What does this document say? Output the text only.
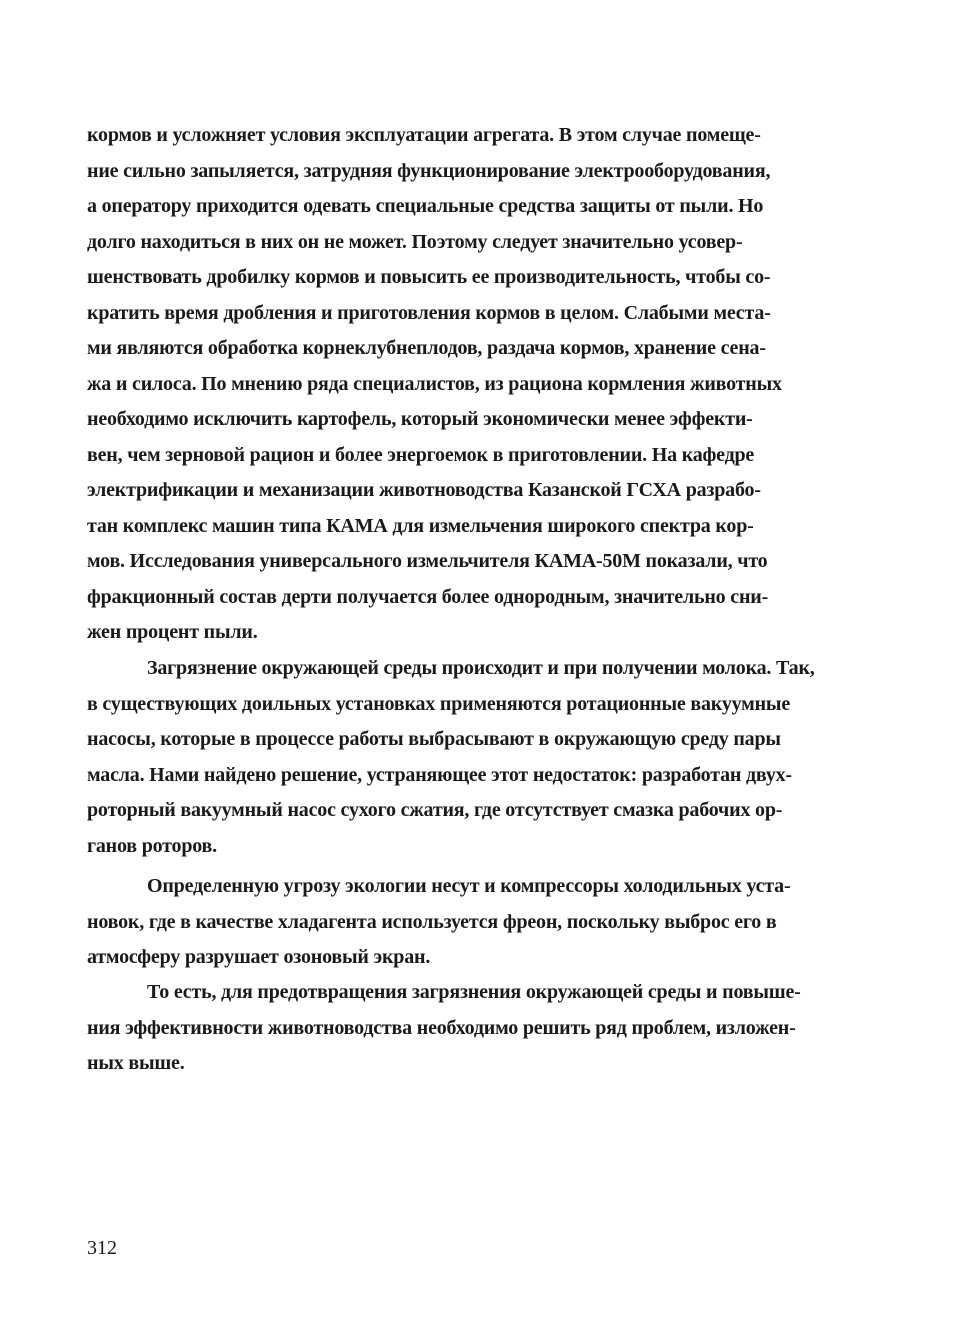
кормов и усложняет условия эксплуатации агрегата. В этом случае помеще-
ние сильно запыляется, затрудняя функционирование электрооборудования,
а оператору приходится одевать специальные средства защиты от пыли. Но
долго находиться в них он не может. Поэтому следует значительно усовер-
шенствовать дробилку кормов и повысить ее производительность, чтобы со-
кратить время дробления и приготовления кормов в целом. Слабыми места-
ми являются обработка корнеклубнеплодов, раздача кормов, хранение сена-
жа и силоса. По мнению ряда специалистов, из рациона кормления животных
необходимо исключить картофель, который экономически менее эффекти-
вен, чем зерновой рацион и более энергоемок в приготовлении. На кафедре
электрификации и механизации животноводства Казанской ГСХА разрабо-
тан комплекс машин типа КАМА для измельчения широкого спектра кор-
мов. Исследования универсального измельчителя КАМА-50М показали, что
фракционный состав дерти получается более однородным, значительно сни-
жен процент пыли.
Загрязнение окружающей среды происходит и при получении молока. Так,
в существующих доильных установках применяются ротационные вакуумные
насосы, которые в процессе работы выбрасывают в окружающую среду пары
масла. Нами найдено решение, устраняющее этот недостаток: разработан двух-
роторный вакуумный насос сухого сжатия, где отсутствует смазка рабочих ор-
ганов роторов.
Определенную угрозу экологии несут и компрессоры холодильных уста-
новок, где в качестве хладагента используется фреон, поскольку выброс его в
атмосферу разрушает озоновый экран.
То есть, для предотвращения загрязнения окружающей среды и повыше-
ния эффективности животноводства необходимо решить ряд проблем, изложен-
ных выше.
312
